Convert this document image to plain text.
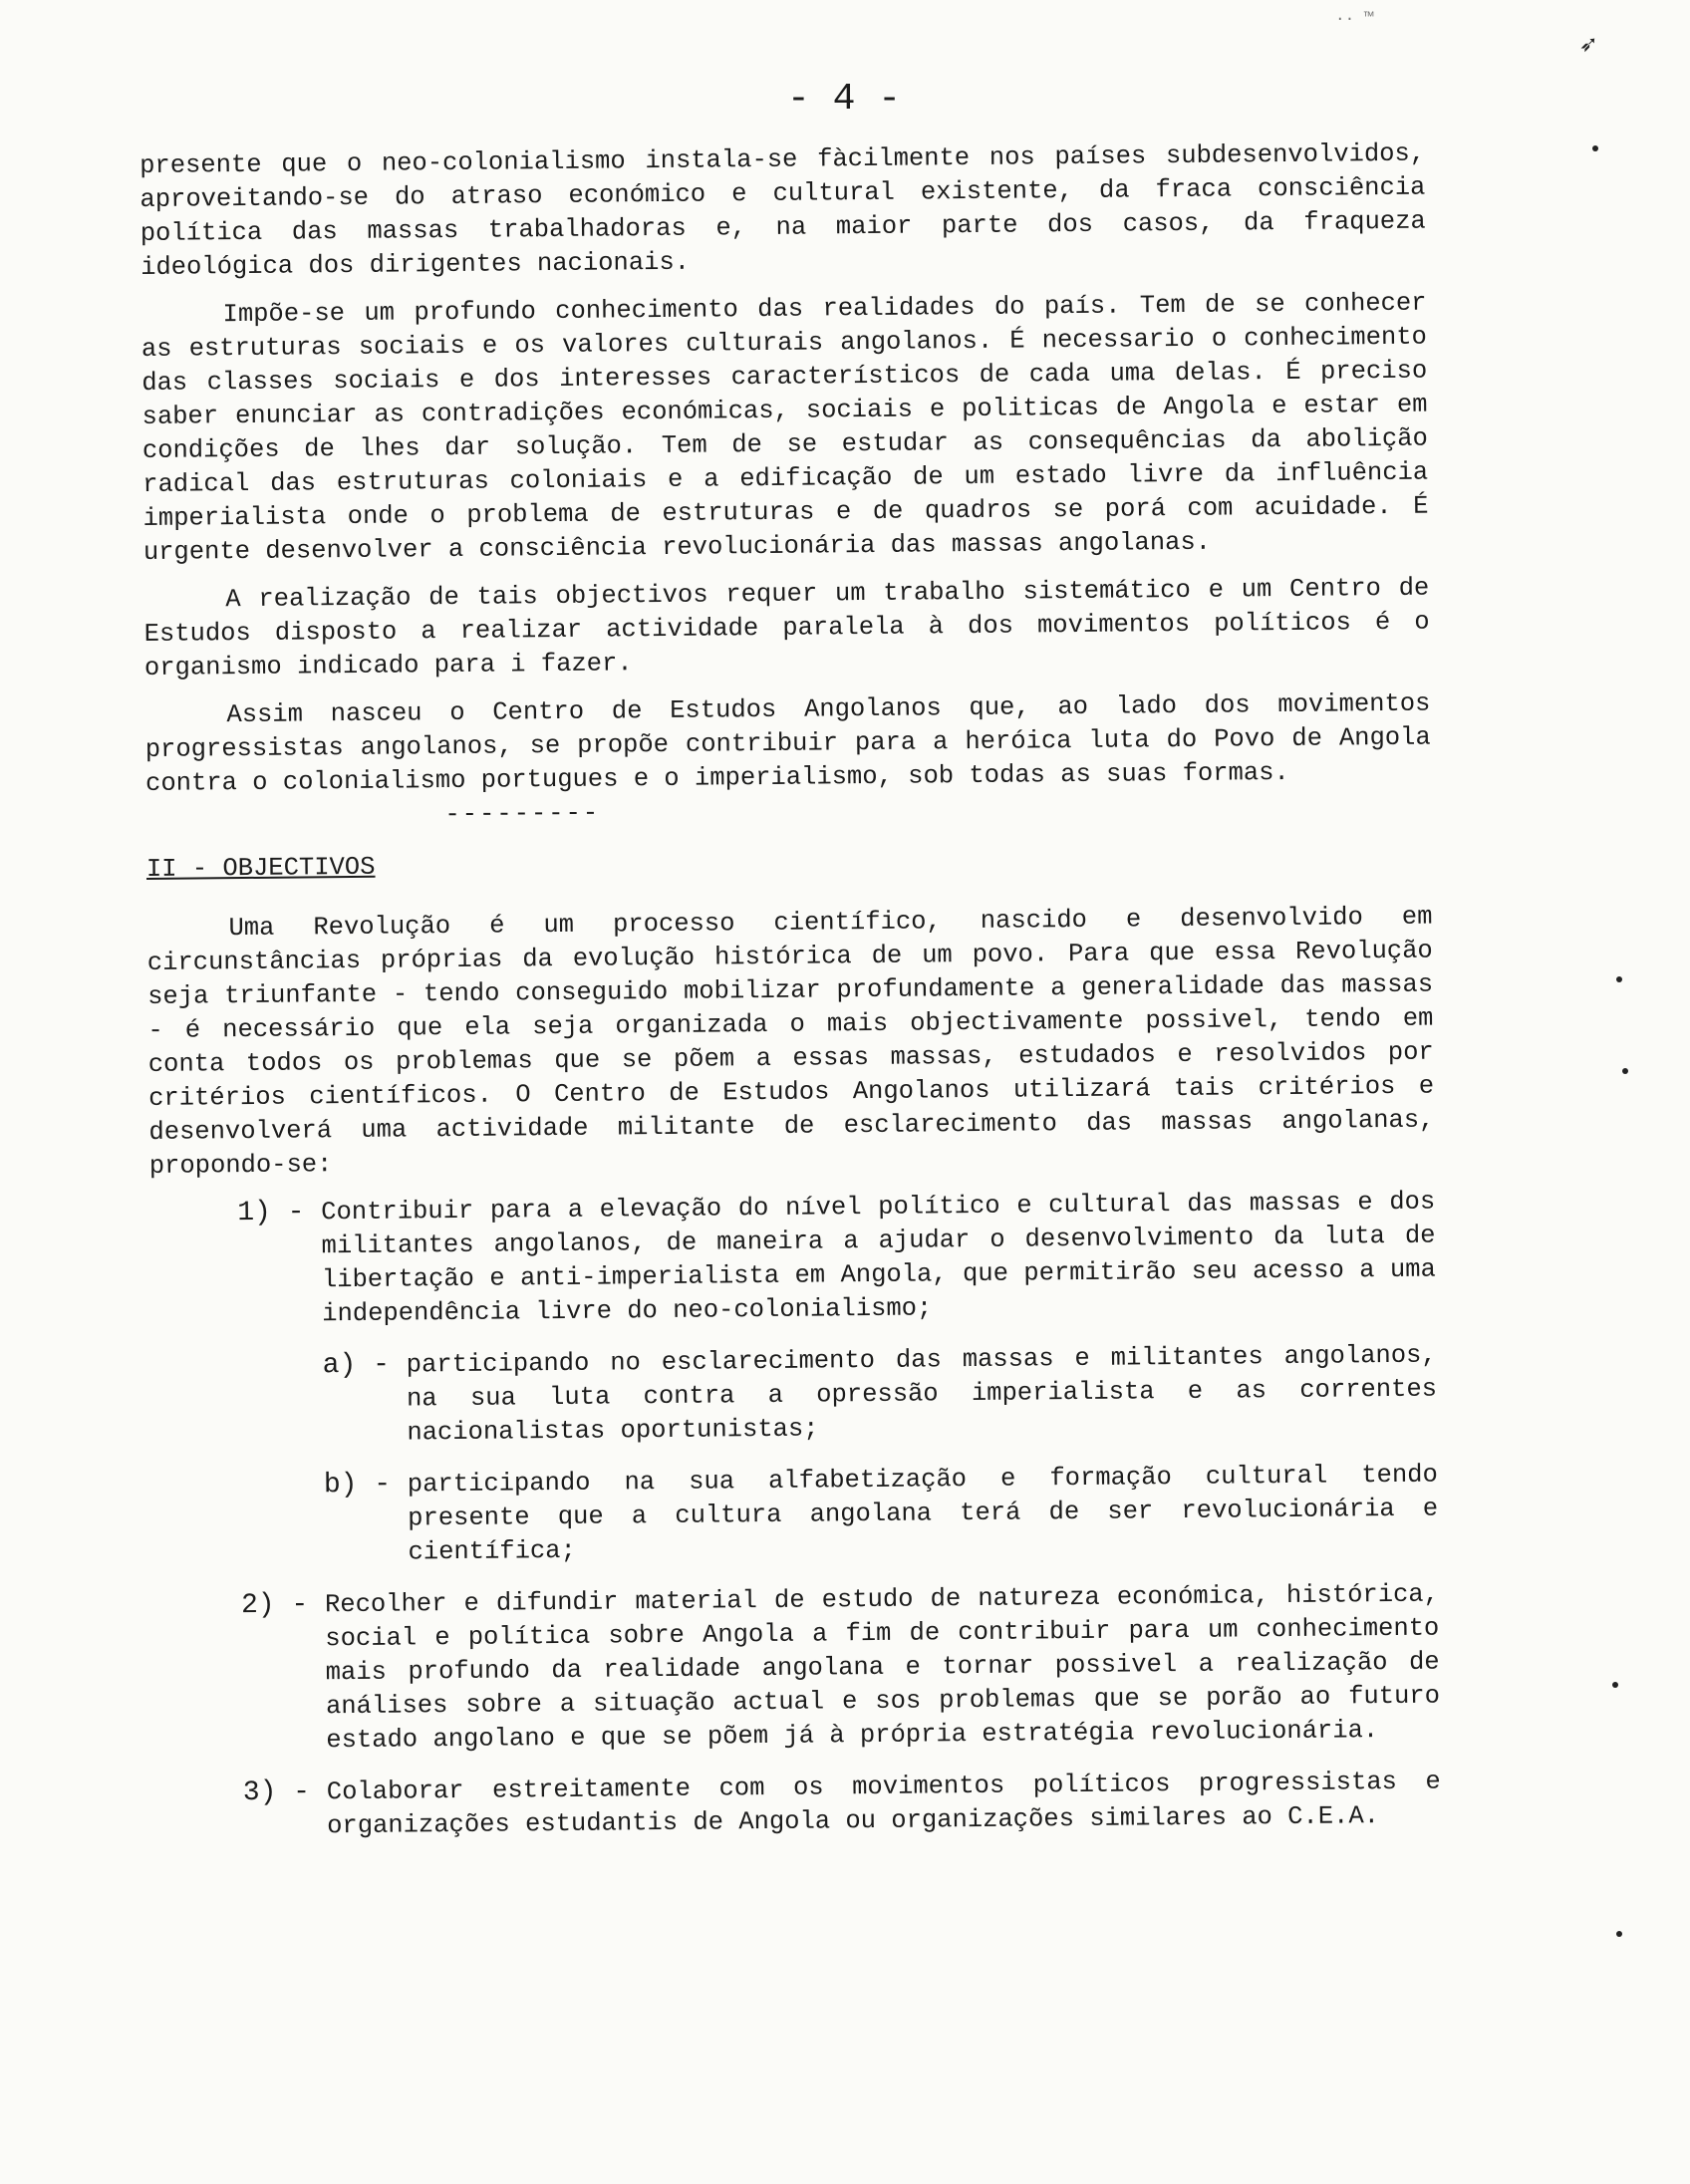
·· ™
- 4 -

presente que o neo-colonialismo instala-se fàcilmente nos países subdesenvolvidos, aproveitando-se do atraso económico e cultural existente, da fraca consciência política das massas trabalhadoras e, na maior parte dos casos, da fraqueza ideológica dos dirigentes nacionais.

Impõe-se um profundo conhecimento das realidades do país. Tem de se conhecer as estruturas sociais e os valores culturais angolanos. É necessario o conhecimento das classes sociais e dos interesses característicos de cada uma delas. É preciso saber enunciar as contradições económicas, sociais e politicas de Angola e estar em condições de lhes dar solução. Tem de se estudar as consequências da abolição radical das estruturas coloniais e a edificação de um estado livre da influência imperialista onde o problema de estruturas e de quadros se porá com acuidade. É urgente desenvolver a consciência revolucionária das massas angolanas.

A realização de tais objectivos requer um trabalho sistemático e um Centro de Estudos disposto a realizar actividade paralela à dos movimentos políticos é o organismo indicado para i fazer.

Assim nasceu o Centro de Estudos Angolanos que, ao lado dos movimentos progressistas angolanos, se propõe contribuir para a heróica luta do Povo de Angola contra o colonialismo portugues e o imperialismo, sob todas as suas formas.

---------

II - OBJECTIVOS

Uma Revolução é um processo científico, nascido e desenvolvido em circunstâncias próprias da evolução histórica de um povo. Para que essa Revolução seja triunfante - tendo conseguido mobilizar profundamente a generalidade das massas - é necessário que ela seja organizada o mais objectivamente possivel, tendo em conta todos os problemas que se põem a essas massas, estudados e resolvidos por critérios científicos. O Centro de Estudos Angolanos utilizará tais critérios e desenvolverá uma actividade militante de esclarecimento das massas angolanas, propondo-se:

1) - Contribuir para a elevação do nível político e cultural das massas e dos militantes angolanos, de maneira a ajudar o desenvolvimento da luta de libertação e anti-imperialista em Angola, que permitirão seu acesso a uma independência livre do neo-colonialismo;
a) - participando no esclarecimento das massas e militantes angolanos, na sua luta contra a opressão imperialista e as correntes nacionalistas oportunistas;
b) - participando na sua alfabetização e formação cultural tendo presente que a cultura angolana terá de ser revolucionária e científica;
2) - Recolher e difundir material de estudo de natureza económica, histórica, social e política sobre Angola a fim de contribuir para um conhecimento mais profundo da realidade angolana e tornar possivel a realização de análises sobre a situação actual e sos problemas que se porão ao futuro estado angolano e que se põem já à própria estratégia revolucionária.
3) - Colaborar estreitamente com os movimentos políticos progressistas e organizações estudantis de Angola ou organizações similares ao C.E.A.
➶
